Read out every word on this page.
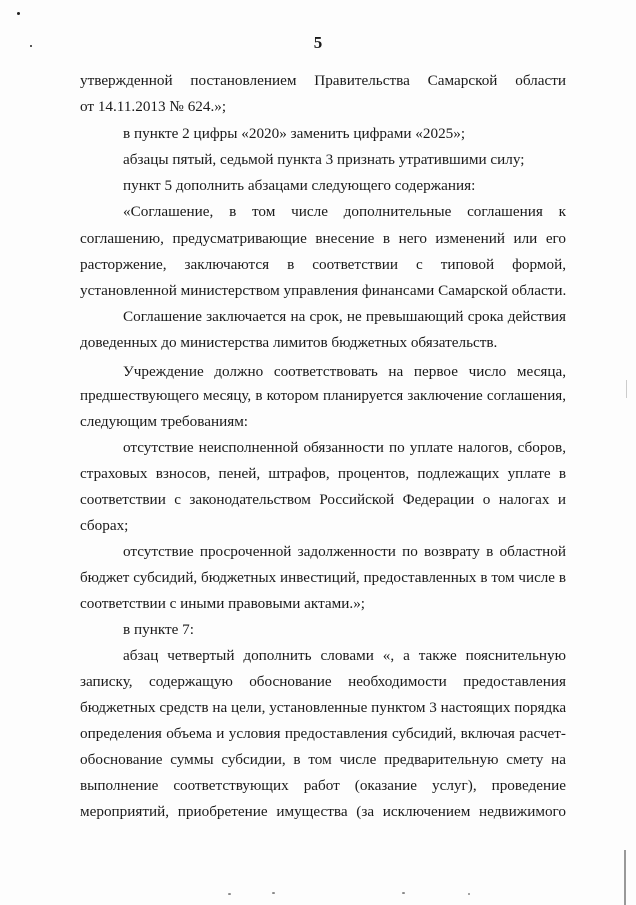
5
утвержденной постановлением Правительства Самарской области
от 14.11.2013 № 624.»;
в пункте 2 цифры «2020» заменить цифрами «2025»;
абзацы пятый, седьмой пункта 3 признать утратившими силу;
пункт 5 дополнить абзацами следующего содержания:
«Соглашение, в том числе дополнительные соглашения к
соглашению, предусматривающие внесение в него изменений или его
расторжение, заключаются в соответствии с типовой формой,
установленной министерством управления финансами Самарской области.
Соглашение заключается на срок, не превышающий срока действия
доведенных до министерства лимитов бюджетных обязательств.
Учреждение должно соответствовать на первое число месяца,
предшествующего месяцу, в котором планируется заключение соглашения,
следующим требованиям:
отсутствие неисполненной обязанности по уплате налогов, сборов,
страховых взносов, пеней, штрафов, процентов, подлежащих уплате в
соответствии с законодательством Российской Федерации о налогах и
сборах;
отсутствие просроченной задолженности по возврату в областной
бюджет субсидий, бюджетных инвестиций, предоставленных в том числе в
соответствии с иными правовыми актами.»;
в пункте 7:
абзац четвертый дополнить словами «, а также пояснительную
записку, содержащую обоснование необходимости предоставления
бюджетных средств на цели, установленные пунктом 3 настоящих порядка
определения объема и условия предоставления субсидий, включая расчет-
обоснование суммы субсидии, в том числе предварительную смету на
выполнение соответствующих работ (оказание услуг), проведение
мероприятий, приобретение имущества (за исключением недвижимого
